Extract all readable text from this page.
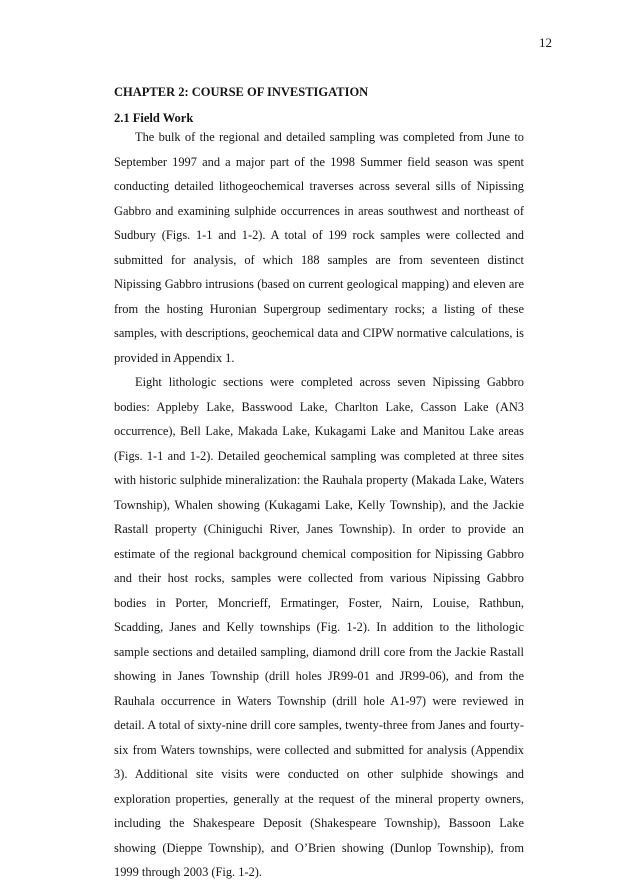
12
CHAPTER 2: COURSE OF INVESTIGATION
2.1 Field Work

The bulk of the regional and detailed sampling was completed from June to September 1997 and a major part of the 1998 Summer field season was spent conducting detailed lithogeochemical traverses across several sills of Nipissing Gabbro and examining sulphide occurrences in areas southwest and northeast of Sudbury (Figs. 1-1 and 1-2). A total of 199 rock samples were collected and submitted for analysis, of which 188 samples are from seventeen distinct Nipissing Gabbro intrusions (based on current geological mapping) and eleven are from the hosting Huronian Supergroup sedimentary rocks; a listing of these samples, with descriptions, geochemical data and CIPW normative calculations, is provided in Appendix 1.

Eight lithologic sections were completed across seven Nipissing Gabbro bodies: Appleby Lake, Basswood Lake, Charlton Lake, Casson Lake (AN3 occurrence), Bell Lake, Makada Lake, Kukagami Lake and Manitou Lake areas (Figs. 1-1 and 1-2). Detailed geochemical sampling was completed at three sites with historic sulphide mineralization: the Rauhala property (Makada Lake, Waters Township), Whalen showing (Kukagami Lake, Kelly Township), and the Jackie Rastall property (Chiniguchi River, Janes Township). In order to provide an estimate of the regional background chemical composition for Nipissing Gabbro and their host rocks, samples were collected from various Nipissing Gabbro bodies in Porter, Moncrieff, Ermatinger, Foster, Nairn, Louise, Rathbun, Scadding, Janes and Kelly townships (Fig. 1-2). In addition to the lithologic sample sections and detailed sampling, diamond drill core from the Jackie Rastall showing in Janes Township (drill holes JR99-01 and JR99-06), and from the Rauhala occurrence in Waters Township (drill hole A1-97) were reviewed in detail. A total of sixty-nine drill core samples, twenty-three from Janes and fourty-six from Waters townships, were collected and submitted for analysis (Appendix 3). Additional site visits were conducted on other sulphide showings and exploration properties, generally at the request of the mineral property owners, including the Shakespeare Deposit (Shakespeare Township), Bassoon Lake showing (Dieppe Township), and O’Brien showing (Dunlop Township), from 1999 through 2003 (Fig. 1-2).
